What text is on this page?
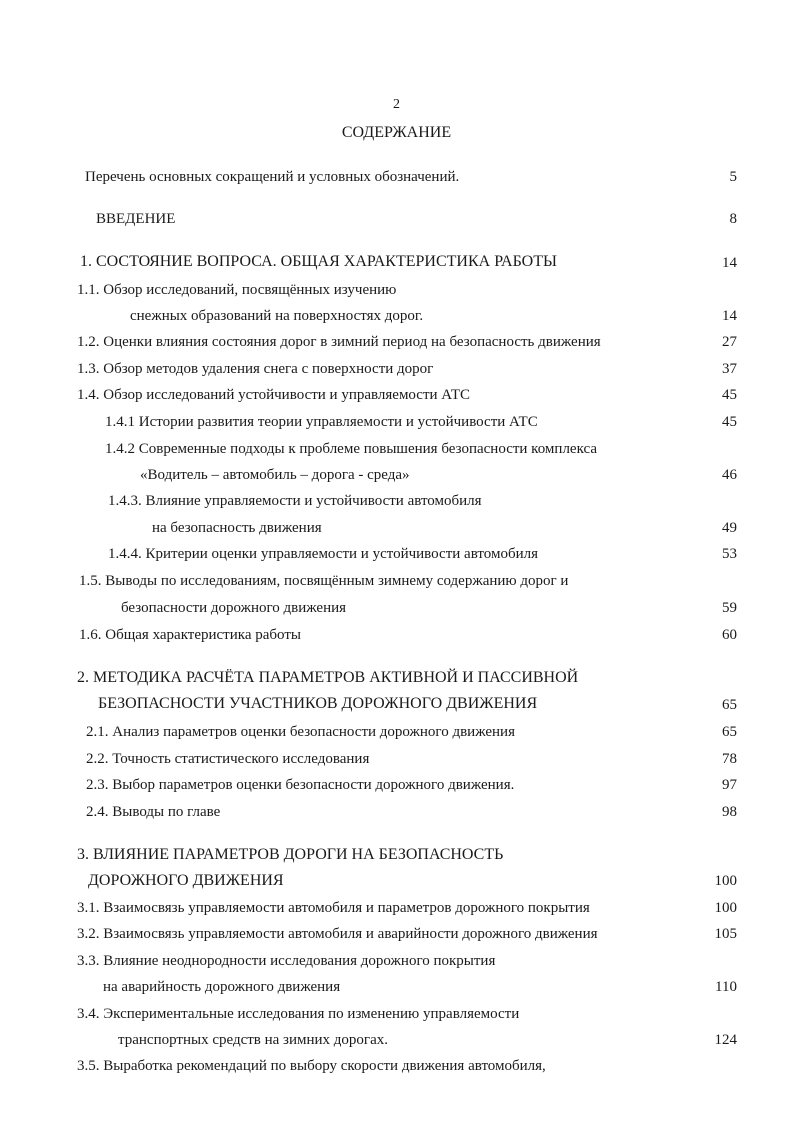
2
СОДЕРЖАНИЕ
Перечень основных сокращений и условных обозначений.	5
ВВЕДЕНИЕ	8
1. СОСТОЯНИЕ ВОПРОСА. ОБЩАЯ ХАРАКТЕРИСТИКА РАБОТЫ	14
1.1. Обзор исследований, посвящённых изучению
снежных образований на поверхностях дорог.	14
1.2. Оценки влияния состояния дорог в зимний период на безопасность движения	27
1.3. Обзор методов удаления снега с поверхности дорог	37
1.4. Обзор исследований устойчивости и управляемости АТС	45
1.4.1 Истории развития теории управляемости и устойчивости АТС	45
1.4.2 Современные подходы к проблеме повышения безопасности комплекса
«Водитель – автомобиль – дорога - среда»	46
1.4.3. Влияние управляемости и устойчивости автомобиля
на безопасность движения	49
1.4.4. Критерии оценки управляемости и устойчивости автомобиля	53
1.5. Выводы по исследованиям, посвящённым зимнему содержанию дорог и
безопасности дорожного движения	59
1.6. Общая характеристика работы	60
2. МЕТОДИКА РАСЧЁТА ПАРАМЕТРОВ АКТИВНОЙ И ПАССИВНОЙ
БЕЗОПАСНОСТИ УЧАСТНИКОВ ДОРОЖНОГО ДВИЖЕНИЯ	65
2.1. Анализ параметров оценки безопасности дорожного движения	65
2.2. Точность статистического исследования	78
2.3. Выбор параметров оценки безопасности дорожного движения.	97
2.4. Выводы по главе	98
3. ВЛИЯНИЕ ПАРАМЕТРОВ ДОРОГИ НА БЕЗОПАСНОСТЬ
ДОРОЖНОГО ДВИЖЕНИЯ	100
3.1. Взаимосвязь управляемости автомобиля и параметров дорожного покрытия	100
3.2. Взаимосвязь управляемости автомобиля и аварийности дорожного движения	105
3.3. Влияние неоднородности исследования дорожного покрытия
на аварийность дорожного движения	110
3.4. Экспериментальные исследования по изменению управляемости
транспортных средств на зимних дорогах.	124
3.5. Выработка рекомендаций по выбору скорости движения автомобиля,
